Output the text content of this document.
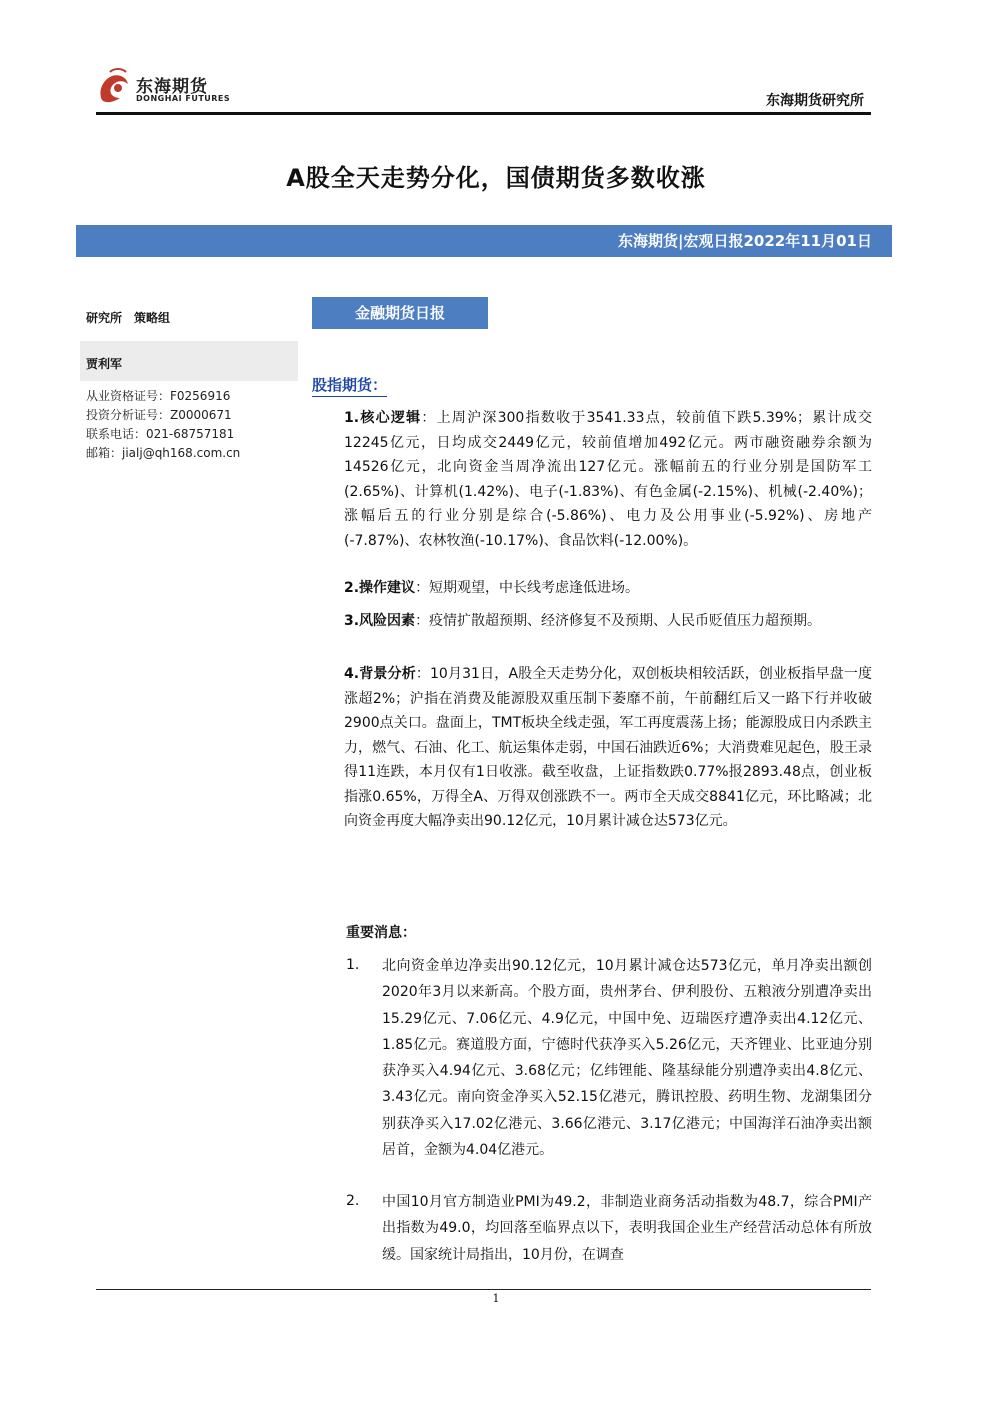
东海期货
DONGHAI FUTURES	东海期货研究所
A股全天走势分化，国债期货多数收涨
东海期货|宏观日报2022年11月01日
研究所　策略组
贾利军
从业资格证号：F0256916
投资分析证号：Z0000671
联系电话：021-68757181
邮箱：jialj@qh168.com.cn
金融期货日报
股指期货：
1.核心逻辑：上周沪深300指数收于3541.33点，较前值下跌5.39%；累计成交12245亿元，日均成交2449亿元，较前值增加492亿元。两市融资融券余额为14526亿元，北向资金当周净流出127亿元。涨幅前五的行业分别是国防军工(2.65%)、计算机(1.42%)、电子(-1.83%)、有色金属(-2.15%)、机械(-2.40%)；涨幅后五的行业分别是综合(-5.86%)、电力及公用事业(-5.92%)、房地产(-7.87%)、农林牧渔(-10.17%)、食品饮料(-12.00%)。
2.操作建议：短期观望，中长线考虑逢低进场。
3.风险因素：疫情扩散超预期、经济修复不及预期、人民币贬值压力超预期。
4.背景分析：10月31日，A股全天走势分化，双创板块相较活跃，创业板指早盘一度涨超2%；沪指在消费及能源股双重压制下萎靡不前，午前翻红后又一路下行并收破2900点关口。盘面上，TMT板块全线走强，军工再度震荡上扬；能源股成日内杀跌主力，燃气、石油、化工、航运集体走弱，中国石油跌近6%；大消费难见起色，股王录得11连跌，本月仅有1日收涨。截至收盘，上证指数跌0.77%报2893.48点，创业板指涨0.65%，万得全A、万得双创涨跌不一。两市全天成交8841亿元，环比略减；北向资金再度大幅净卖出90.12亿元，10月累计减仓达573亿元。
重要消息：
1. 北向资金单边净卖出90.12亿元，10月累计减仓达573亿元，单月净卖出额创2020年3月以来新高。个股方面，贵州茅台、伊利股份、五粮液分别遭净卖出15.29亿元、7.06亿元、4.9亿元，中国中免、迈瑞医疗遭净卖出4.12亿元、1.85亿元。赛道股方面，宁德时代获净买入5.26亿元，天齐锂业、比亚迪分别获净买入4.94亿元、3.68亿元；亿纬锂能、隆基绿能分别遭净卖出4.8亿元、3.43亿元。南向资金净买入52.15亿港元，腾讯控股、药明生物、龙湖集团分别获净买入17.02亿港元、3.66亿港元、3.17亿港元；中国海洋石油净卖出额居首，金额为4.04亿港元。
2. 中国10月官方制造业PMI为49.2，非制造业商务活动指数为48.7，综合PMI产出指数为49.0，均回落至临界点以下，表明我国企业生产经营活动总体有所放缓。国家统计局指出，10月份，在调查
1
